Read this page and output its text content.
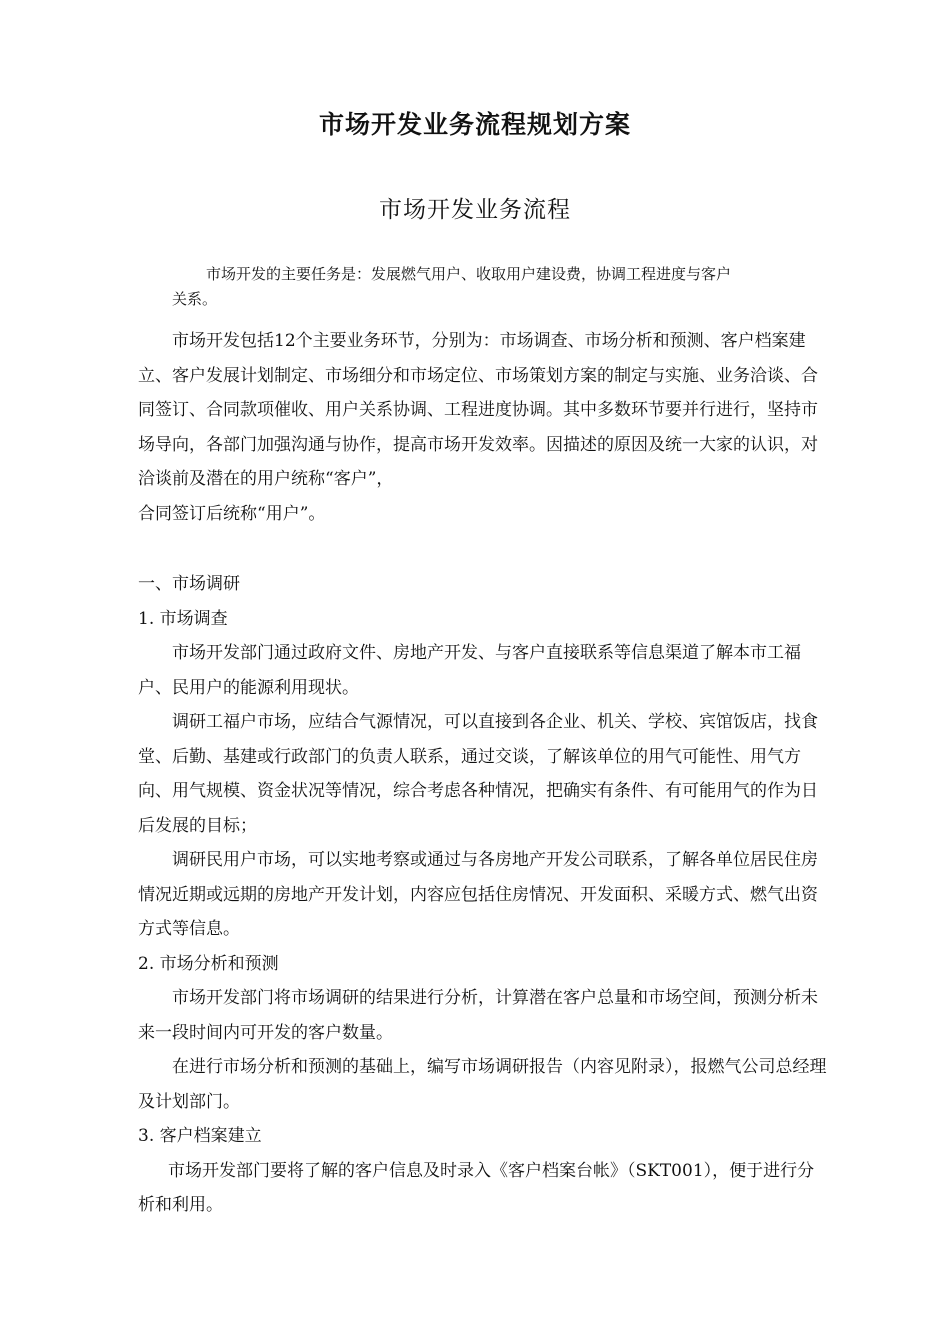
市场开发业务流程规划方案
市场开发业务流程
市场开发的主要任务是：发展燃气用户、收取用户建设费，协调工程进度与客户
关系。

市场开发包括12个主要业务环节，分别为：市场调查、市场分析和预测、客户档案建立、客户发展计划制定、市场细分和市场定位、市场策划方案的制定与实施、业务洽谈、合同签订、合同款项催收、用户关系协调、工程进度协调。其中多数环节要并行进行，坚持市场导向，各部门加强沟通与协作，提高市场开发效率。因描述的原因及统一大家的认识，对洽谈前及潜在的用户统称“客户”，

合同签订后统称“用户”。

一、市场调研

1. 市场调查

市场开发部门通过政府文件、房地产开发、与客户直接联系等信息渠道了解本市工福户、民用户的能源利用现状。

调研工福户市场，应结合气源情况，可以直接到各企业、机关、学校、宾馆饭店，找食堂、后勤、基建或行政部门的负责人联系，通过交谈，了解该单位的用气可能性、用气方向、用气规模、资金状况等情况，综合考虑各种情况，把确实有条件、有可能用气的作为日后发展的目标；

调研民用户市场，可以实地考察或通过与各房地产开发公司联系，了解各单位居民住房情况近期或远期的房地产开发计划，内容应包括住房情况、开发面积、采暖方式、燃气出资方式等信息。

2. 市场分析和预测

市场开发部门将市场调研的结果进行分析，计算潜在客户总量和市场空间，预测分析未来一段时间内可开发的客户数量。

在进行市场分析和预测的基础上，编写市场调研报告（内容见附录），报燃气公司总经理及计划部门。

3. 客户档案建立

市场开发部门要将了解的客户信息及时录入《客户档案台帐》（SKT001），便于进行分析和利用。
